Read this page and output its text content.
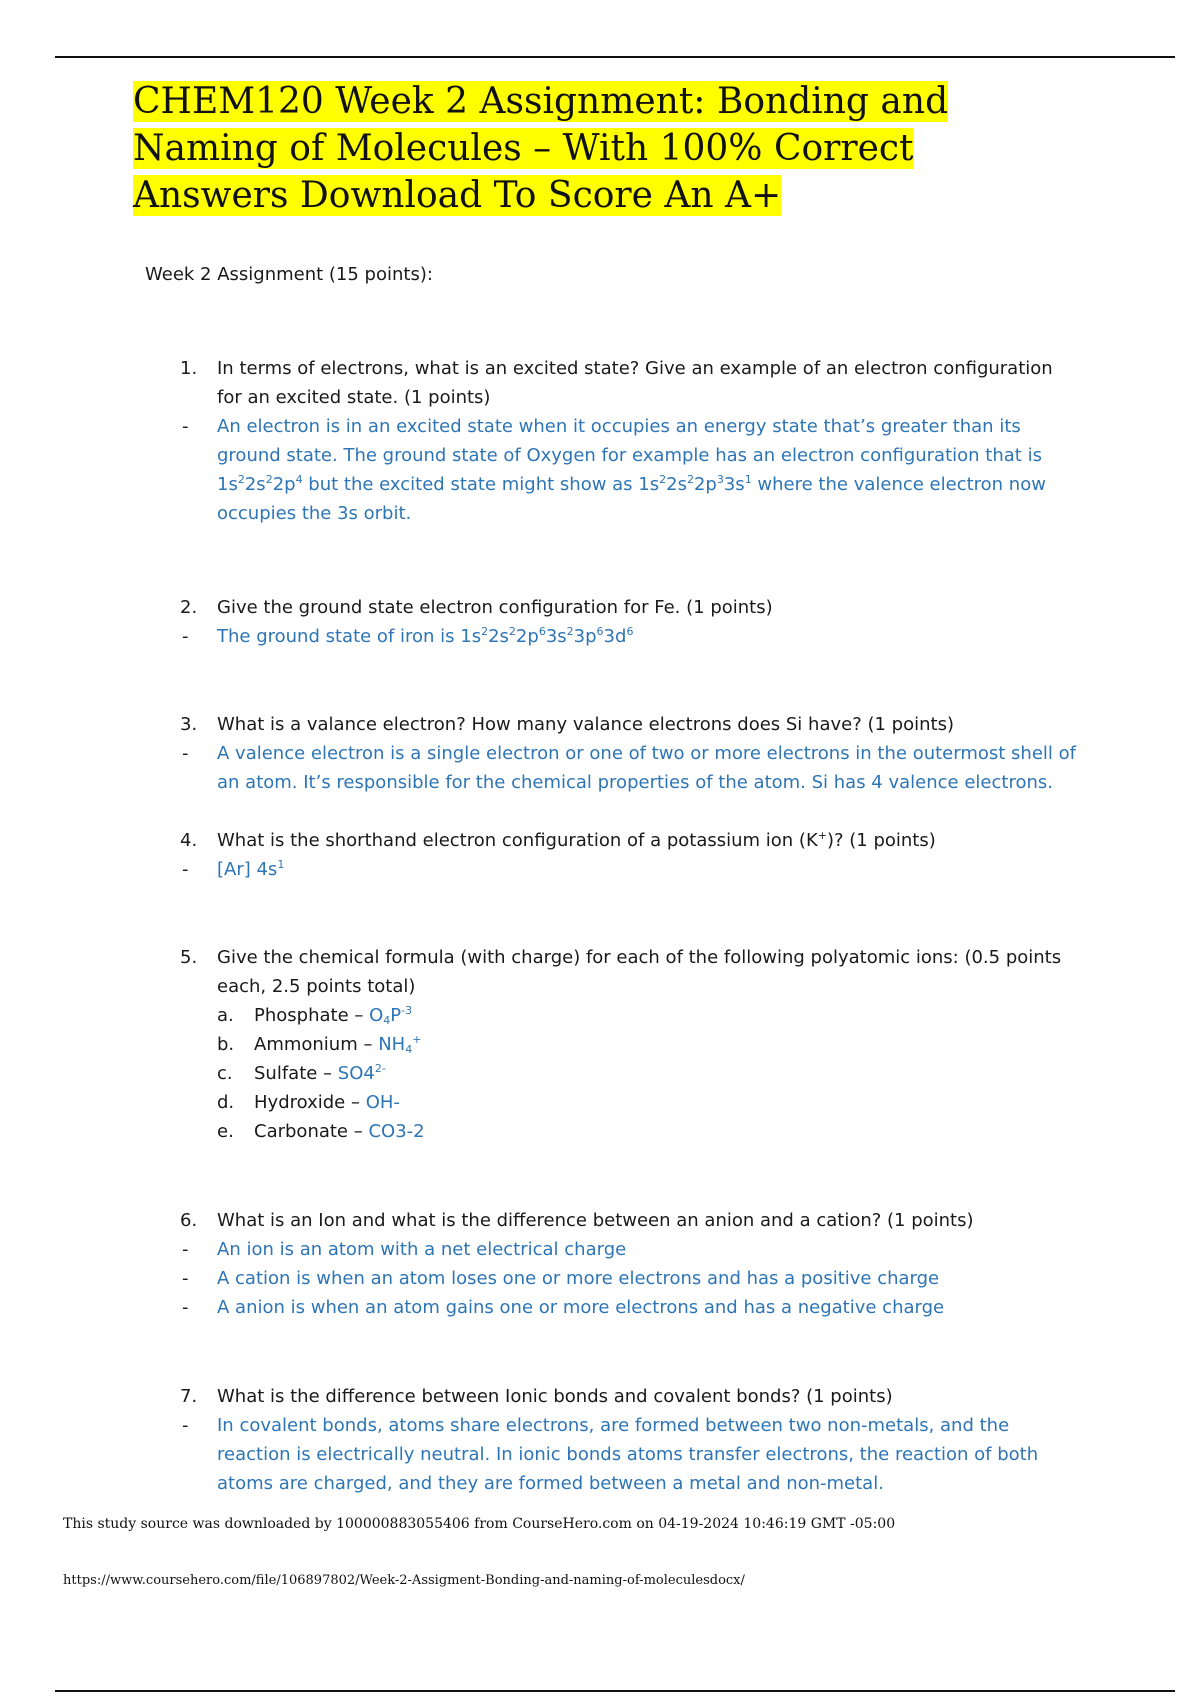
CHEM120 Week 2 Assignment: Bonding and Naming of Molecules – With 100% Correct Answers Download To Score An A+
Week 2 Assignment (15 points):
1.	In terms of electrons, what is an excited state? Give an example of an electron configuration for an excited state. (1 points)
-	An electron is in an excited state when it occupies an energy state that’s greater than its ground state. The ground state of Oxygen for example has an electron configuration that is $1s^22s^22p^4$ but the excited state might show as $1s^22s^22p^33s^1$ where the valence electron now occupies the 3s orbit.
2.	Give the ground state electron configuration for Fe. (1 points)
-	The ground state of iron is $1s^22s^22p^63s^23p^63d^6$
3.	What is a valance electron? How many valance electrons does Si have? (1 points)
-	A valence electron is a single electron or one of two or more electrons in the outermost shell of an atom. It’s responsible for the chemical properties of the atom. Si has 4 valence electrons.
4.	What is the shorthand electron configuration of a potassium ion (K+)? (1 points)
-	[Ar] $4s^1$
5.	Give the chemical formula (with charge) for each of the following polyatomic ions: (0.5 points each, 2.5 points total)
a.	Phosphate – $O_4P^{-3}$
b.	Ammonium – $NH_4^+$
c.	Sulfate – $SO4^{2-}$
d.	Hydroxide – OH-
e.	Carbonate – CO3-2
6.	What is an Ion and what is the difference between an anion and a cation? (1 points)
-	An ion is an atom with a net electrical charge
-	A cation is when an atom loses one or more electrons and has a positive charge
-	A anion is when an atom gains one or more electrons and has a negative charge
7.	What is the difference between Ionic bonds and covalent bonds? (1 points)
-	In covalent bonds, atoms share electrons, are formed between two non-metals, and the reaction is electrically neutral. In ionic bonds atoms transfer electrons, the reaction of both atoms are charged, and they are formed between a metal and non-metal.
This study source was downloaded by 100000883055406 from CourseHero.com on 04-19-2024 10:46:19 GMT -05:00
https://www.coursehero.com/file/106897802/Week-2-Assigment-Bonding-and-naming-of-moleculesdocx/
